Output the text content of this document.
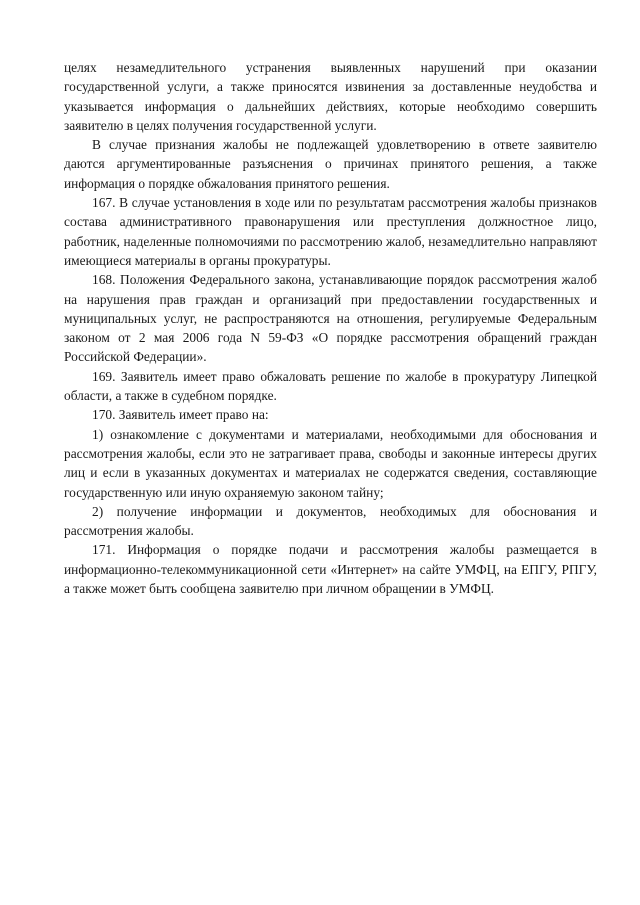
целях незамедлительного устранения выявленных нарушений при оказании государственной услуги, а также приносятся извинения за доставленные неудобства и указывается информация о дальнейших действиях, которые необходимо совершить заявителю в целях получения государственной услуги.

В случае признания жалобы не подлежащей удовлетворению в ответе заявителю даются аргументированные разъяснения о причинах принятого решения, а также информация о порядке обжалования принятого решения.

167. В случае установления в ходе или по результатам рассмотрения жалобы признаков состава административного правонарушения или преступления должностное лицо, работник, наделенные полномочиями по рассмотрению жалоб, незамедлительно направляют имеющиеся материалы в органы прокуратуры.

168. Положения Федерального закона, устанавливающие порядок рассмотрения жалоб на нарушения прав граждан и организаций при предоставлении государственных и муниципальных услуг, не распространяются на отношения, регулируемые Федеральным законом от 2 мая 2006 года N 59-ФЗ «О порядке рассмотрения обращений граждан Российской Федерации».

169. Заявитель имеет право обжаловать решение по жалобе в прокуратуру Липецкой области, а также в судебном порядке.

170. Заявитель имеет право на:

1) ознакомление с документами и материалами, необходимыми для обоснования и рассмотрения жалобы, если это не затрагивает права, свободы и законные интересы других лиц и если в указанных документах и материалах не содержатся сведения, составляющие государственную или иную охраняемую законом тайну;

2) получение информации и документов, необходимых для обоснования и рассмотрения жалобы.

171. Информация о порядке подачи и рассмотрения жалобы размещается в информационно-телекоммуникационной сети «Интернет» на сайте УМФЦ, на ЕПГУ, РПГУ, а также может быть сообщена заявителю при личном обращении в УМФЦ.
